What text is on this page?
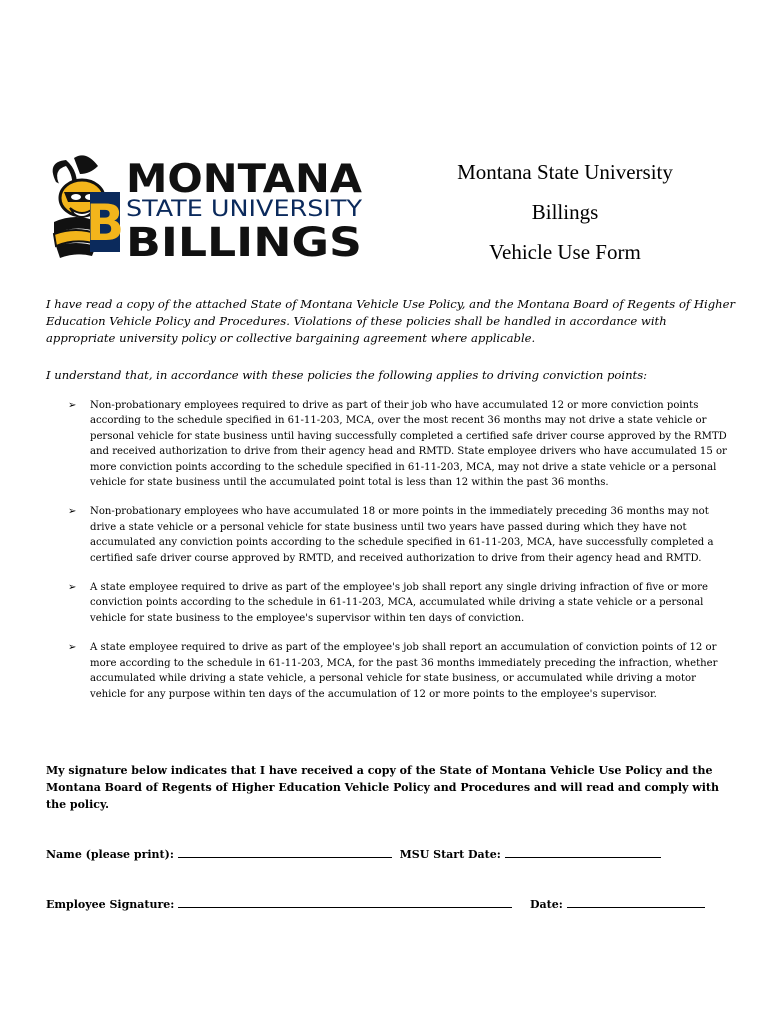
B
MONTANA
STATE UNIVERSITY
BILLINGS
Montana State University
Billings
Vehicle Use Form
I have read a copy of the attached State of Montana Vehicle Use Policy, and the Montana Board of Regents of Higher Education Vehicle Policy and Procedures. Violations of these policies shall be handled in accordance with appropriate university policy or collective bargaining agreement where applicable.
I understand that, in accordance with these policies the following applies to driving conviction points:
➢ Non-probationary employees required to drive as part of their job who have accumulated 12 or more conviction points according to the schedule specified in 61-11-203, MCA, over the most recent 36 months may not drive a state vehicle or personal vehicle for state business until having successfully completed a certified safe driver course approved by the RMTD and received authorization to drive from their agency head and RMTD. State employee drivers who have accumulated 15 or more conviction points according to the schedule specified in 61-11-203, MCA, may not drive a state vehicle or a personal vehicle for state business until the accumulated point total is less than 12 within the past 36 months.
➢ Non-probationary employees who have accumulated 18 or more points in the immediately preceding 36 months may not drive a state vehicle or a personal vehicle for state business until two years have passed during which they have not accumulated any conviction points according to the schedule specified in 61-11-203, MCA, have successfully completed a certified safe driver course approved by RMTD, and received authorization to drive from their agency head and RMTD.
➢ A state employee required to drive as part of the employee's job shall report any single driving infraction of five or more conviction points according to the schedule in 61-11-203, MCA, accumulated while driving a state vehicle or a personal vehicle for state business to the employee's supervisor within ten days of conviction.
➢ A state employee required to drive as part of the employee's job shall report an accumulation of conviction points of 12 or more according to the schedule in 61-11-203, MCA, for the past 36 months immediately preceding the infraction, whether accumulated while driving a state vehicle, a personal vehicle for state business, or accumulated while driving a motor vehicle for any purpose within ten days of the accumulation of 12 or more points to the employee's supervisor.
My signature below indicates that I have received a copy of the State of Montana Vehicle Use Policy and the Montana Board of Regents of Higher Education Vehicle Policy and Procedures and will read and comply with the policy.
Name (please print):	MSU Start Date:
Employee Signature:	Date:
